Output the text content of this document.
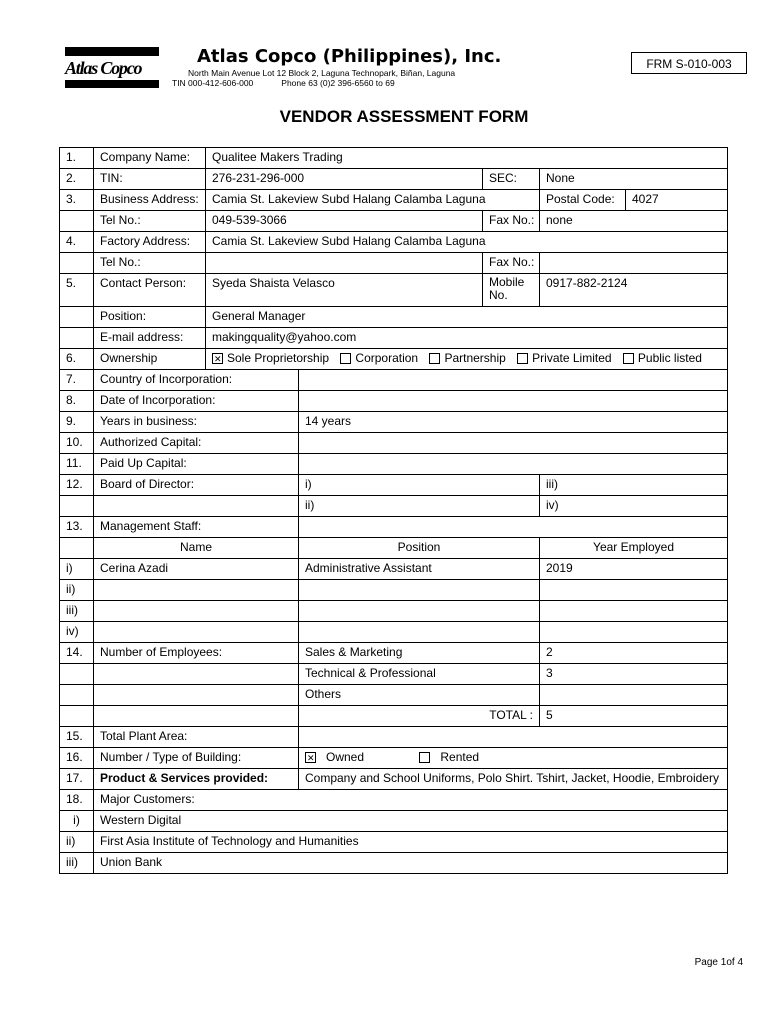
Atlas Copco
Atlas Copco (Philippines), Inc.
North Main Avenue Lot 12 Block 2, Laguna Technopark, Biñan, Laguna
TIN 000-412-606-000	Phone 63 (0)2 396-6560 to 69
FRM S-010-003
VENDOR ASSESSMENT FORM
1.	Company Name:	Qualitee Makers Trading				
2.	TIN:	276-231-296-000		SEC:	None	
3.	Business Address:	Camia St. Lakeview Subd Halang Calamba Laguna			Postal Code:	4027
	Tel No.:	049-539-3066		Fax No.:	none	
4.	Factory Address:	Camia St. Lakeview Subd Halang Calamba Laguna				
	Tel No.:			Fax No.:		
5.	Contact Person:	Syeda Shaista Velasco		Mobile No.	0917-882-2124	
	Position:	General Manager				
	E-mail address:	makingquality@yahoo.com				
6.	Ownership	✕Sole Proprietorship Corporation Partnership Private Limited Public listed
7.	Country of Incorporation:					
8.	Date of Incorporation:					
9.	Years in business:		14 years			
10.	Authorized Capital:					
11.	Paid Up Capital:					
12.	Board of Director:		i)		iii)	
			ii)		iv)	
13.	Management Staff:					
	Name		Position		Year Employed	
i)	Cerina Azadi		Administrative Assistant		2019	
ii)						
iii)						
iv)						
14.	Number of Employees:		Sales & Marketing		2	
			Technical & Professional		3	
			Others			
			TOTAL :		5	
15.	Total Plant Area:					
16.	Number / Type of Building:	✕Owned Rented
17.	Product & Services provided:		Company and School Uniforms, Polo Shirt. Tshirt, Jacket, Hoodie, Embroidery			
18.	Major Customers:					
i)	Western Digital					
ii)	First Asia Institute of Technology and Humanities					
iii)	Union Bank					
Page 1of 4
